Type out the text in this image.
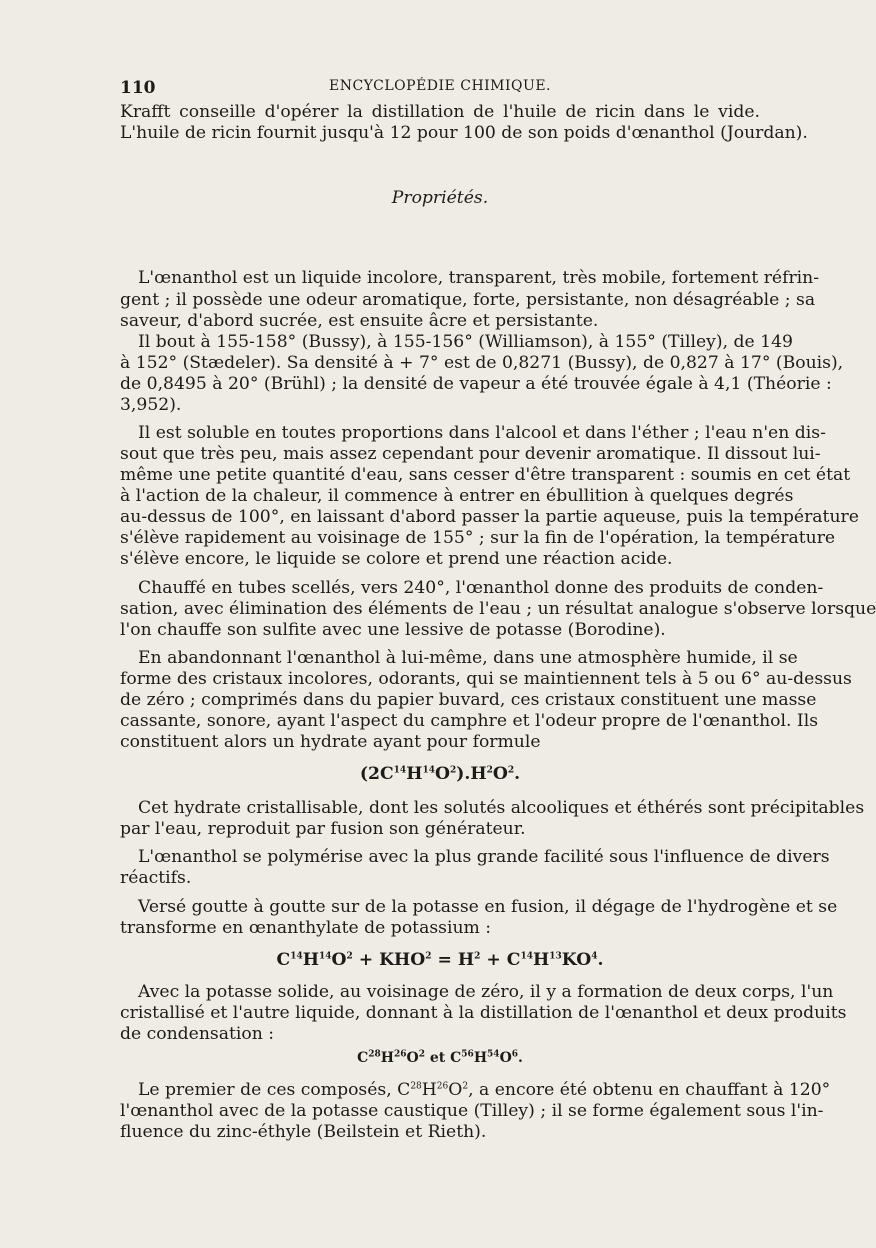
110	ENCYCLOPÉDIE CHIMIQUE.
Krafft conseille d'opérer la distillation de l'huile de ricin dans le vide.
L'huile de ricin fournit jusqu'à 12 pour 100 de son poids d'œnanthol (Jourdan).
Propriétés.
L'œnanthol est un liquide incolore, transparent, très mobile, fortement réfrin-
gent ; il possède une odeur aromatique, forte, persistante, non désagréable ; sa
saveur, d'abord sucrée, est ensuite âcre et persistante.
Il bout à 155-158° (Bussy), à 155-156° (Williamson), à 155° (Tilley), de 149
à 152° (Stædeler). Sa densité à + 7° est de 0,8271 (Bussy), de 0,827 à 17° (Bouis),
de 0,8495 à 20° (Brühl) ; la densité de vapeur a été trouvée égale à 4,1 (Théorie :
3,952).
Il est soluble en toutes proportions dans l'alcool et dans l'éther ; l'eau n'en dis-
sout que très peu, mais assez cependant pour devenir aromatique. Il dissout lui-
même une petite quantité d'eau, sans cesser d'être transparent : soumis en cet état
à l'action de la chaleur, il commence à entrer en ébullition à quelques degrés
au-dessus de 100°, en laissant d'abord passer la partie aqueuse, puis la température
s'élève rapidement au voisinage de 155° ; sur la fin de l'opération, la température
s'élève encore, le liquide se colore et prend une réaction acide.
Chauffé en tubes scellés, vers 240°, l'œnanthol donne des produits de conden-
sation, avec élimination des éléments de l'eau ; un résultat analogue s'observe lorsque
l'on chauffe son sulfite avec une lessive de potasse (Borodine).
En abandonnant l'œnanthol à lui-même, dans une atmosphère humide, il se
forme des cristaux incolores, odorants, qui se maintiennent tels à 5 ou 6° au-dessus
de zéro ; comprimés dans du papier buvard, ces cristaux constituent une masse
cassante, sonore, ayant l'aspect du camphre et l'odeur propre de l'œnanthol. Ils
constituent alors un hydrate ayant pour formule
$(2C^{14}H^{14}O^2).H^2O^2$.
Cet hydrate cristallisable, dont les solutés alcooliques et éthérés sont précipitables
par l'eau, reproduit par fusion son générateur.
L'œnanthol se polymérise avec la plus grande facilité sous l'influence de divers
réactifs.
Versé goutte à goutte sur de la potasse en fusion, il dégage de l'hydrogène et se
transforme en œnanthylate de potassium :
$C^{14}H^{14}O^2 + KHO^2 = H^2 + C^{14}H^{13}KO^4$.
Avec la potasse solide, au voisinage de zéro, il y a formation de deux corps, l'un
cristallisé et l'autre liquide, donnant à la distillation de l'œnanthol et deux produits
de condensation :
$C^{28}H^{26}O^2$ et $C^{56}H^{54}O^6$.
Le premier de ces composés, $C^{28}H^{26}O^2$, a encore été obtenu en chauffant à 120°
l'œnanthol avec de la potasse caustique (Tilley) ; il se forme également sous l'in-
fluence du zinc-éthyle (Beilstein et Rieth).
